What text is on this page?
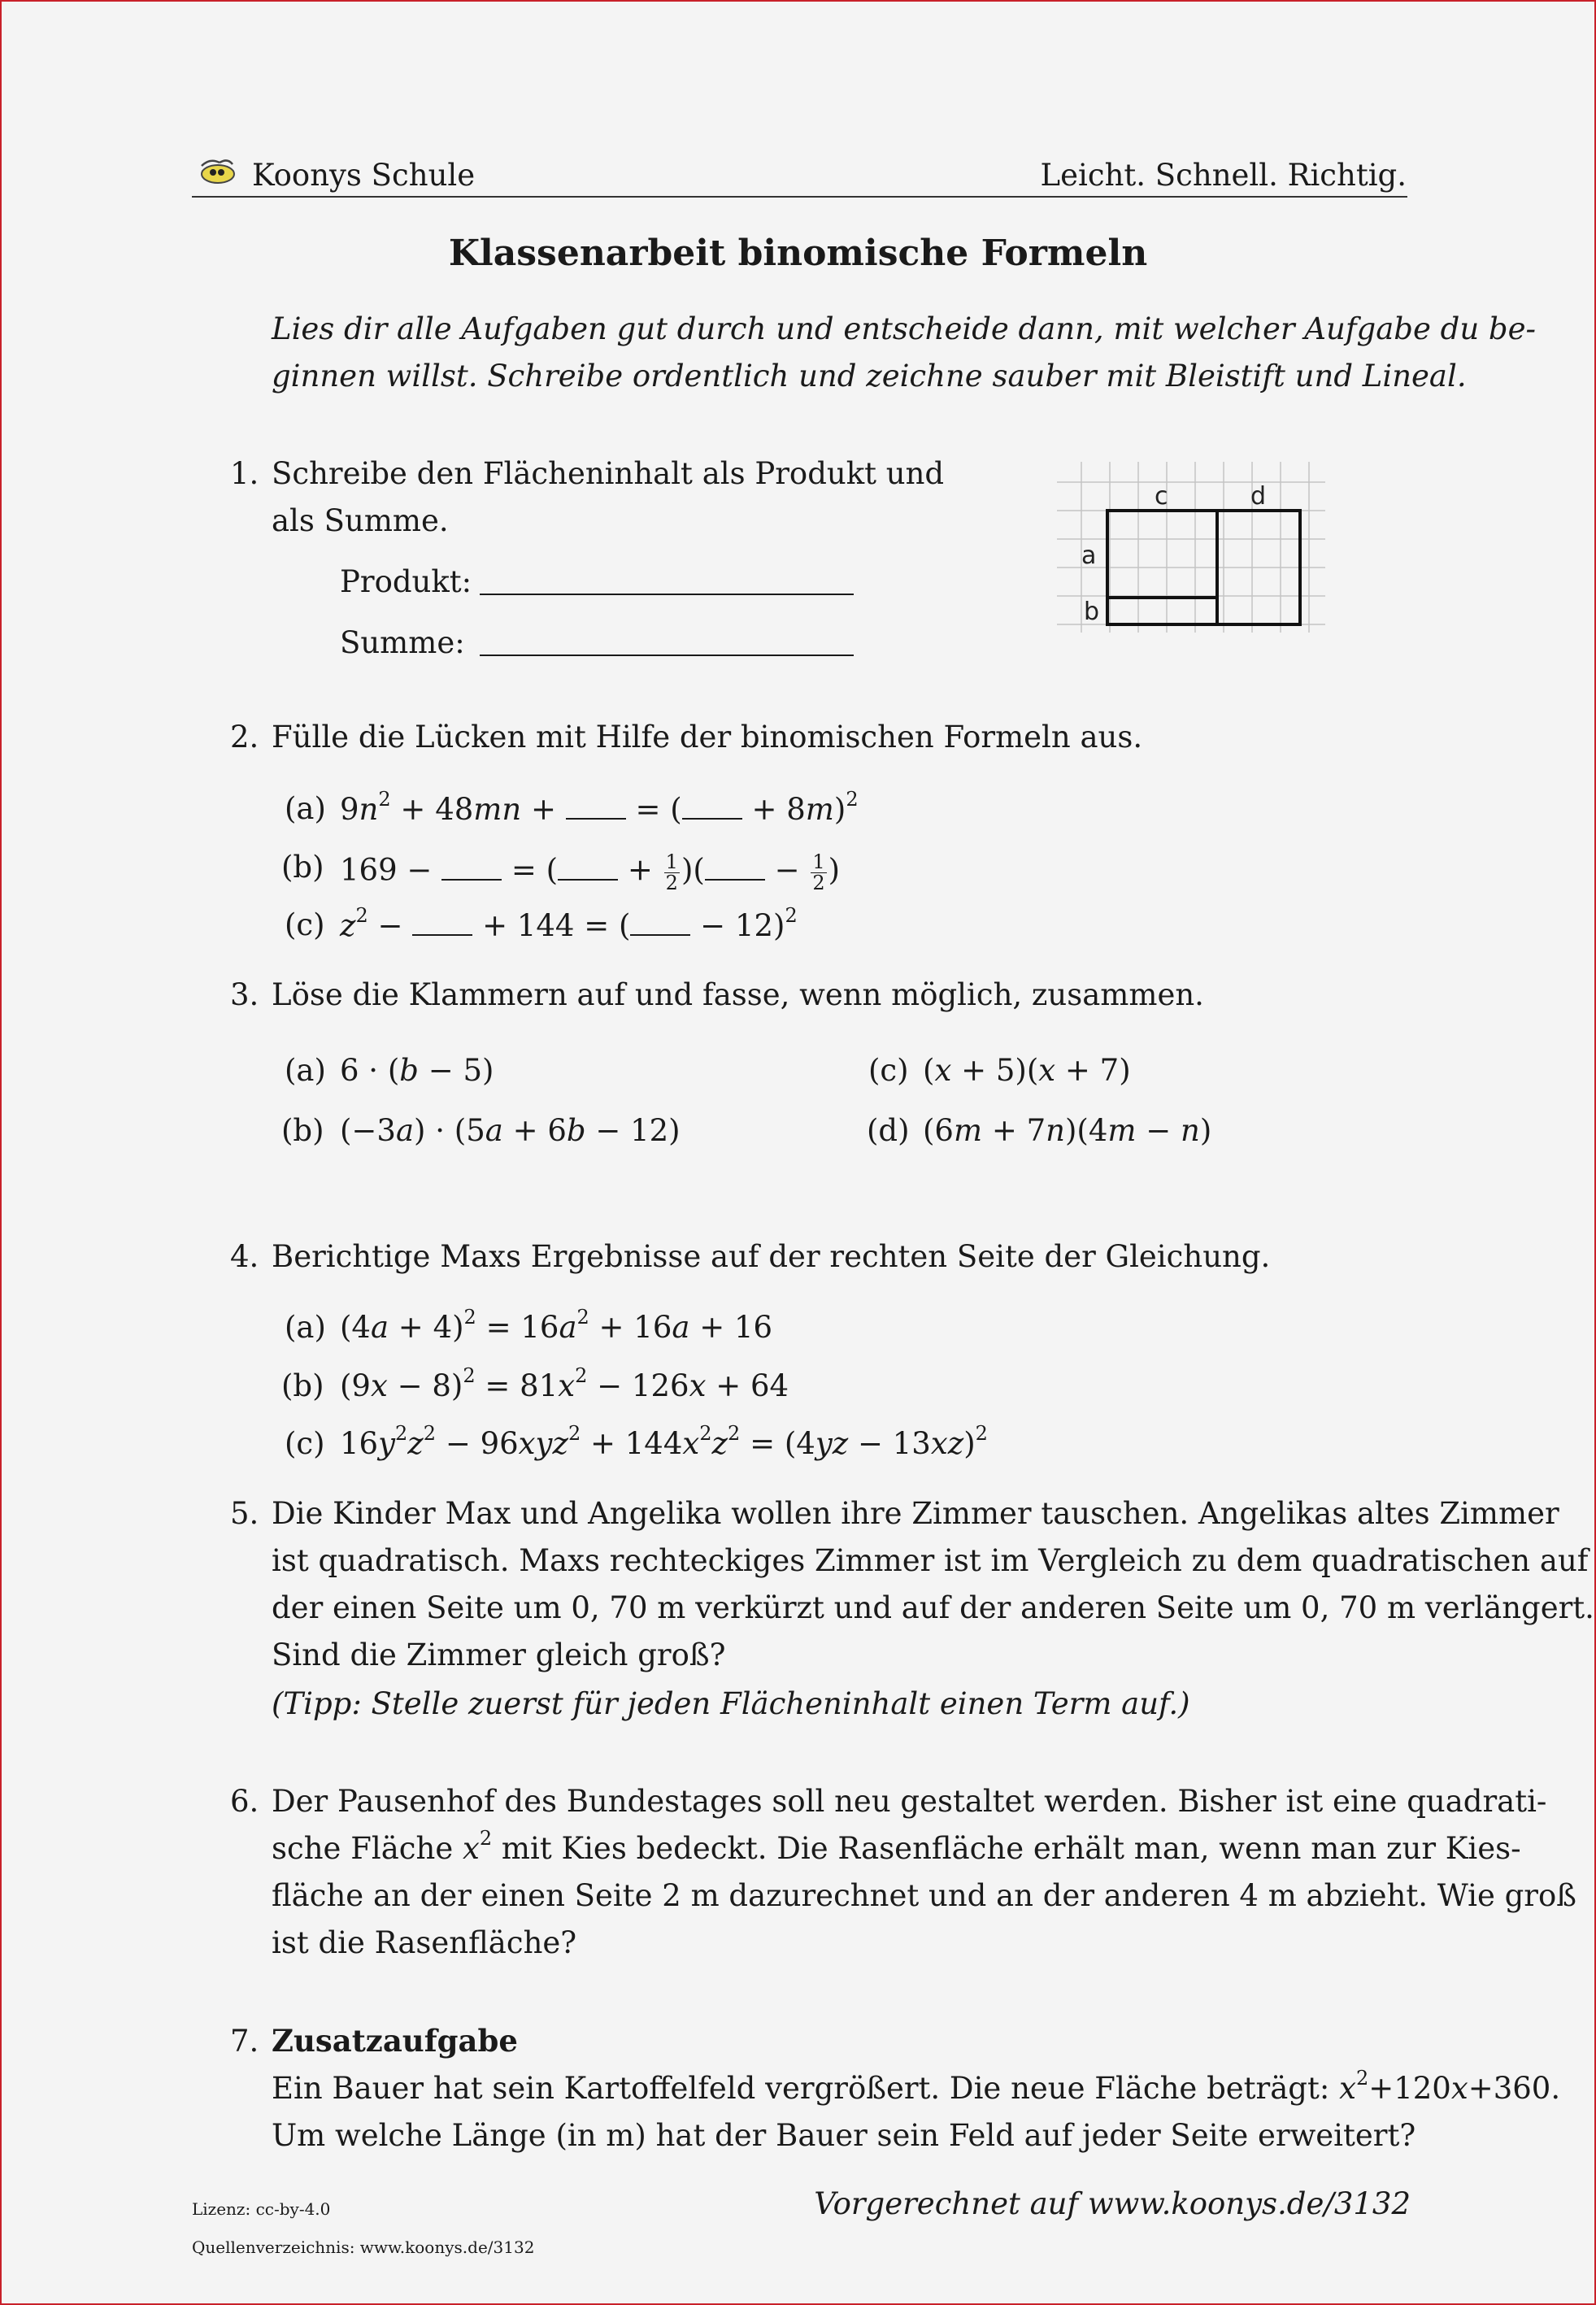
Koonys Schule	Leicht. Schnell. Richtig.
Klassenarbeit binomische Formeln
Lies dir alle Aufgaben gut durch und entscheide dann, mit welcher Aufgabe du be-
ginnen willst. Schreibe ordentlich und zeichne sauber mit Bleistift und Lineal.
1. Schreibe den Flächeninhalt als Produkt und
als Summe.
Produkt:
Summe:
c	d
a
b
2. Fülle die Lücken mit Hilfe der binomischen Formeln aus.
(a) $9n^2 + 48mn$ +  = ( + 8m)$^2$
(b) 169 −  = ( + $\frac{1}{2}$ )( − $\frac{1}{2}$ )
(c) $z^2$ −  + 144 = ( − 12)$^2$
3. Löse die Klammern auf und fasse, wenn möglich, zusammen.
(a) 6 · (b − 5)
(b) (−3a) · (5a + 6b − 12)
(c) (x + 5)(x + 7)
(d) (6m + 7n)(4m − n)
4. Berichtige Maxs Ergebnisse auf der rechten Seite der Gleichung.
(a) $(4a + 4)^2 = 16a^2 + 16a + 16$
(b) $(9x - 8)^2 = 81x^2 - 126x + 64$
(c) $16y^2z^2 - 96xyz^2 + 144x^2z^2 = (4yz - 13xz)^2$
5. Die Kinder Max und Angelika wollen ihre Zimmer tauschen. Angelikas altes Zimmer
ist quadratisch. Maxs rechteckiges Zimmer ist im Vergleich zu dem quadratischen auf
der einen Seite um 0, 70 m verkürzt und auf der anderen Seite um 0, 70 m verlängert.
Sind die Zimmer gleich groß?
(Tipp: Stelle zuerst für jeden Flächeninhalt einen Term auf.)
6. Der Pausenhof des Bundestages soll neu gestaltet werden. Bisher ist eine quadrati-
sche Fläche $x^2$ mit Kies bedeckt. Die Rasenfläche erhält man, wenn man zur Kies-
fläche an der einen Seite 2 m dazurechnet und an der anderen 4 m abzieht. Wie groß
ist die Rasenfläche?
7. Zusatzaufgabe
Ein Bauer hat sein Kartoffelfeld vergrößert. Die neue Fläche beträgt: $x^2+120x+360$.
Um welche Länge (in m) hat der Bauer sein Feld auf jeder Seite erweitert?
Lizenz: cc-by-4.0	Vorgerechnet auf www.koonys.de/3132
Quellenverzeichnis: www.koonys.de/3132
